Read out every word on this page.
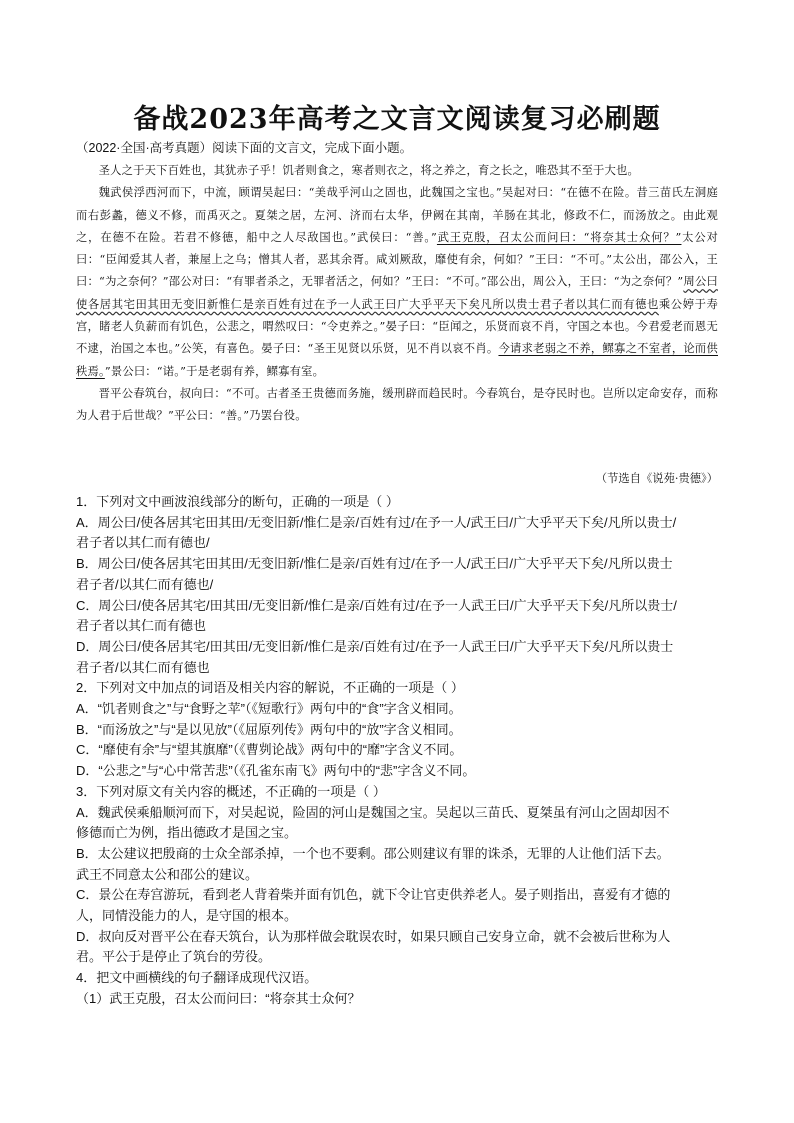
备战2023年高考之文言文阅读复习必刷题
（2022·全国·高考真题）阅读下面的文言文，完成下面小题。

圣人之于天下百姓也，其犹赤子乎！饥者则食之，寒者则衣之，将之养之，育之长之，唯恐其不至于大也。

魏武侯浮西河而下，中流，顾谓吴起曰：“美哉乎河山之固也，此魏国之宝也。”吴起对曰：“在德不在险。昔三苗氏左洞庭而右彭蠡，德义不修，而禹灭之。夏桀之居，左河、济而右太华，伊阙在其南，羊肠在其北，修政不仁，而汤放之。由此观之，在德不在险。若君不修德，船中之人尽敌国也。”武侯曰：“善。”武王克殷，召太公而问曰：“将奈其士众何？”太公对曰：“臣闻爱其人者，兼屋上之乌；憎其人者，恶其余胥。咸刘厥敌，靡使有余，何如？”王曰：“不可。”太公出，邵公入，王曰：“为之奈何？”邵公对曰：“有罪者杀之，无罪者活之，何如？”王曰：“不可。”邵公出，周公入，王曰：“为之奈何？”周公曰使各居其宅田其田无变旧新惟仁是亲百姓有过在予一人武王曰广大乎平天下矣凡所以贵士君子者以其仁而有德也乘公婷于寿宫，睹老人负薪而有饥色，公悲之，喟然叹曰：“令吏养之。”晏子曰：“臣闻之，乐贤而哀不肖，守国之本也。今君爱老而恩无不逮，治国之本也。”公笑，有喜色。晏子曰：“圣王见贤以乐贤，见不肖以哀不肖。今请求老弱之不养，鳏寡之不室者，论而供秩焉。”景公曰：“诺。”于是老弱有养，鳏寡有室。

晋平公春筑台，叔向曰：“不可。古者圣王贵德而务施，缓刑辟而趋民时。今春筑台，是夺民时也。岂所以定命安存，而称为人君于后世哉？”平公曰：“善。”乃罢台役。

（节选自《说苑·贵德》）
1．下列对文中画波浪线部分的断句，正确的一项是（ ）
A．周公曰/使各居其宅田其田/无变旧新/惟仁是亲/百姓有过/在予一人/武王曰/广大乎平天下矣/凡所以贵士/
君子者以其仁而有德也/
B．周公曰/使各居其宅田其田/无变旧新/惟仁是亲/百姓有过/在予一人/武王曰/广大乎平天下矣/凡所以贵士
君子者/以其仁而有德也/
C．周公曰/使各居其宅/田其田/无变旧新/惟仁是亲/百姓有过/在予一人武王曰/广大乎平天下矣/凡所以贵士/
君子者以其仁而有德也
D．周公曰/使各居其宅/田其田/无变旧新/惟仁是亲/百姓有过/在予一人武王曰/广大乎平天下矣/凡所以贵士
君子者/以其仁而有德也
2．下列对文中加点的词语及相关内容的解说，不正确的一项是（ ）
A．“饥者则食之”与“食野之苹”（《短歌行》两句中的“食”字含义相同。
B．“而汤放之”与“是以见放”（《屈原列传》两句中的“放”字含义相同。
C．“靡使有余”与“望其旗靡”（《曹刿论战》两句中的“靡”字含义不同。
D．“公悲之”与“心中常苦悲”（《孔雀东南飞》两句中的“悲”字含义不同。
3．下列对原文有关内容的概述，不正确的一项是（ ）
A．魏武侯乘船顺河而下，对吴起说，险固的河山是魏国之宝。吴起以三苗氏、夏桀虽有河山之固却因不
修德而亡为例，指出德政才是国之宝。
B．太公建议把殷商的士众全部杀掉，一个也不要剩。邵公则建议有罪的诛杀，无罪的人让他们活下去。
武王不同意太公和邵公的建议。
C．景公在寿宫游玩，看到老人背着柴并面有饥色，就下令让官吏供养老人。晏子则指出，喜爱有才德的
人，同情没能力的人，是守国的根本。
D．叔向反对晋平公在春天筑台，认为那样做会耽误农时，如果只顾自己安身立命，就不会被后世称为人
君。平公于是停止了筑台的劳役。
4．把文中画横线的句子翻译成现代汉语。
（1）武王克殷，召太公而问曰：“将奈其士众何？
